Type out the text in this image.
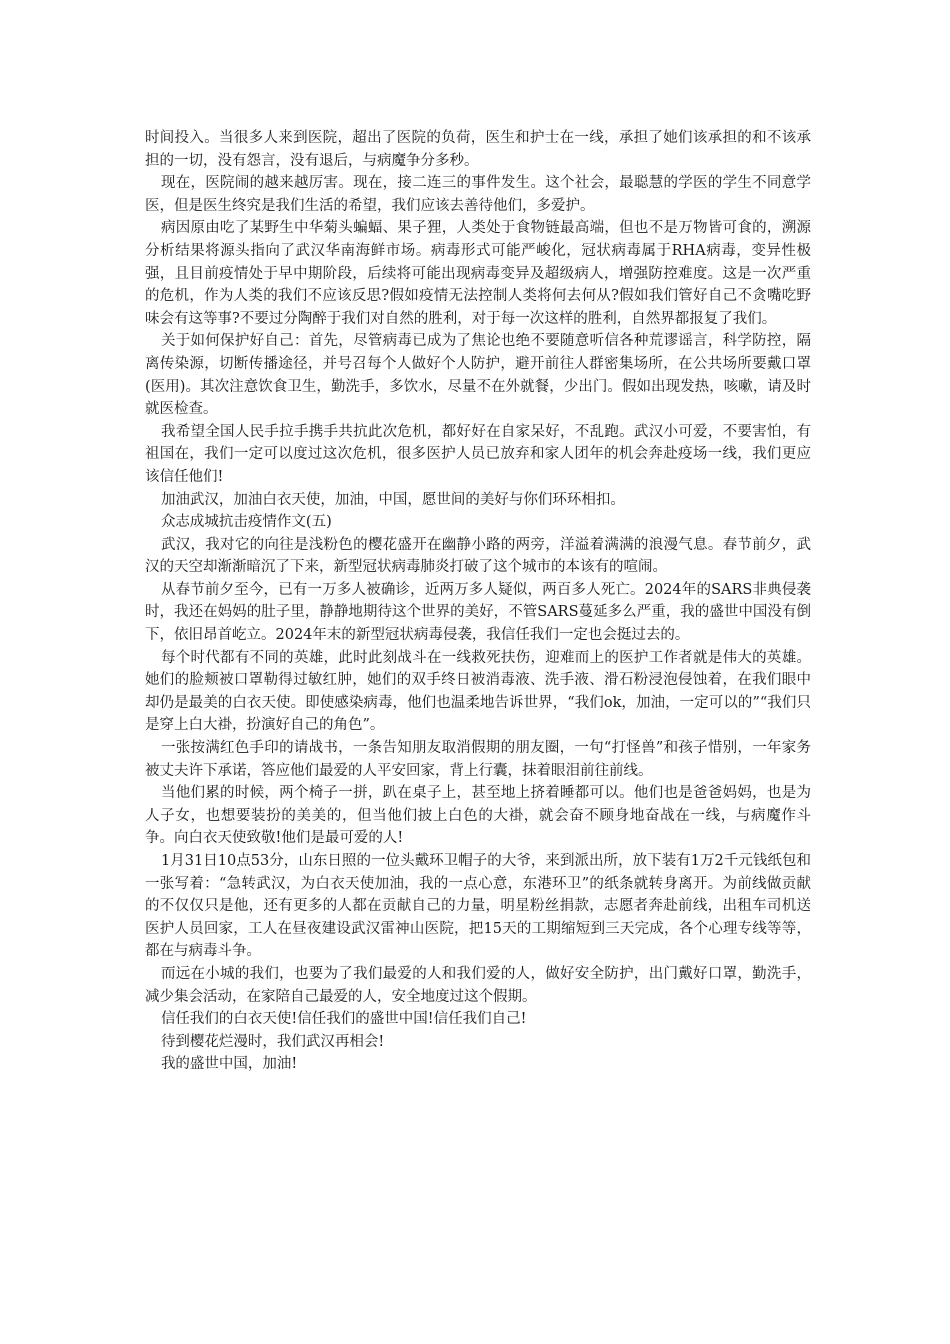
时间投入。当很多人来到医院，超出了医院的负荷，医生和护士在一线，承担了她们该承担的和不该承担的一切，没有怨言，没有退后，与病魔争分多秒。

现在，医院闹的越来越厉害。现在，接二连三的事件发生。这个社会，最聪慧的学医的学生不同意学医，但是医生终究是我们生活的希望，我们应该去善待他们，多爱护。

病因原由吃了某野生中华菊头蝙蝠、果子狸，人类处于食物链最高端，但也不是万物皆可食的，溯源分析结果将源头指向了武汉华南海鲜市场。病毒形式可能严峻化，冠状病毒属于RHA病毒，变异性极强，且目前疫情处于早中期阶段，后续将可能出现病毒变异及超级病人，增强防控难度。这是一次严重的危机，作为人类的我们不应该反思?假如疫情无法控制人类将何去何从?假如我们管好自己不贪嘴吃野味会有这等事?不要过分陶醉于我们对自然的胜利，对于每一次这样的胜利，自然界都报复了我们。

关于如何保护好自己：首先，尽管病毒已成为了焦论也绝不要随意听信各种荒谬谣言，科学防控，隔离传染源，切断传播途径，并号召每个人做好个人防护，避开前往人群密集场所，在公共场所要戴口罩(医用)。其次注意饮食卫生，勤洗手，多饮水，尽量不在外就餐，少出门。假如出现发热，咳嗽，请及时就医检查。

我希望全国人民手拉手携手共抗此次危机，都好好在自家呆好，不乱跑。武汉小可爱，不要害怕，有祖国在，我们一定可以度过这次危机，很多医护人员已放弃和家人团年的机会奔赴疫场一线，我们更应该信任他们!

加油武汉，加油白衣天使，加油，中国，愿世间的美好与你们环环相扣。

众志成城抗击疫情作文(五)

武汉，我对它的向往是浅粉色的樱花盛开在幽静小路的两旁，洋溢着满满的浪漫气息。春节前夕，武汉的天空却渐渐暗沉了下来，新型冠状病毒肺炎打破了这个城市的本该有的喧闹。

从春节前夕至今，已有一万多人被确诊，近两万多人疑似，两百多人死亡。2024年的SARS非典侵袭时，我还在妈妈的肚子里，静静地期待这个世界的美好，不管SARS蔓延多么严重，我的盛世中国没有倒下，依旧昂首屹立。2024年末的新型冠状病毒侵袭，我信任我们一定也会挺过去的。

每个时代都有不同的英雄，此时此刻战斗在一线救死扶伤，迎难而上的医护工作者就是伟大的英雄。她们的脸颊被口罩勒得过敏红肿，她们的双手终日被消毒液、洗手液、滑石粉浸泡侵蚀着，在我们眼中却仍是最美的白衣天使。即使感染病毒，他们也温柔地告诉世界，“我们ok，加油，一定可以的”“我们只是穿上白大褂，扮演好自己的角色”。

一张按满红色手印的请战书，一条告知朋友取消假期的朋友圈，一句“打怪兽”和孩子惜别，一年家务被丈夫许下承诺，答应他们最爱的人平安回家，背上行囊，抹着眼泪前往前线。

当他们累的时候，两个椅子一拼，趴在桌子上，甚至地上挤着睡都可以。他们也是爸爸妈妈，也是为人子女，也想要装扮的美美的，但当他们披上白色的大褂，就会奋不顾身地奋战在一线，与病魔作斗争。向白衣天使致敬!他们是最可爱的人!

1月31日10点53分，山东日照的一位头戴环卫帽子的大爷，来到派出所，放下装有1万2千元钱纸包和一张写着：“急转武汉，为白衣天使加油，我的一点心意，东港环卫”的纸条就转身离开。为前线做贡献的不仅仅只是他，还有更多的人都在贡献自己的力量，明星粉丝捐款，志愿者奔赴前线，出租车司机送医护人员回家，工人在昼夜建设武汉雷神山医院，把15天的工期缩短到三天完成，各个心理专线等等，都在与病毒斗争。

而远在小城的我们，也要为了我们最爱的人和我们爱的人，做好安全防护，出门戴好口罩，勤洗手，减少集会活动，在家陪自己最爱的人，安全地度过这个假期。

信任我们的白衣天使!信任我们的盛世中国!信任我们自己!

待到樱花烂漫时，我们武汉再相会!

我的盛世中国，加油!
